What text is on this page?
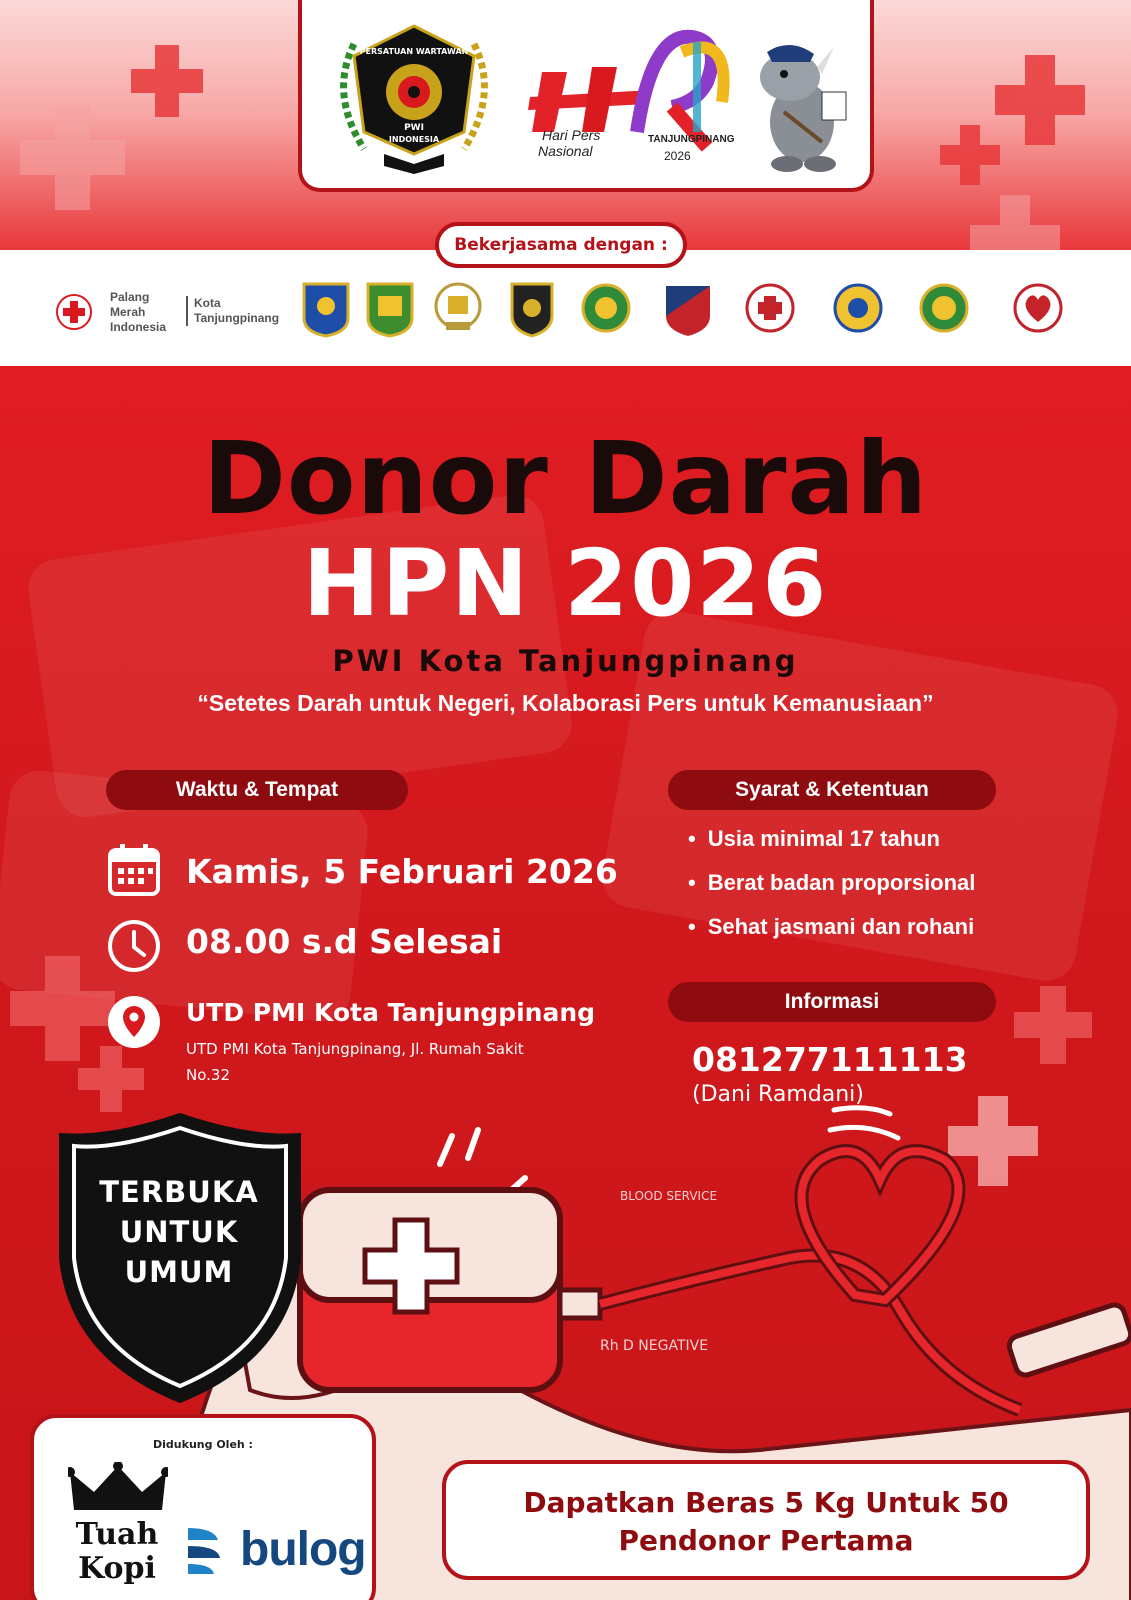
PERSATUAN WARTAWAN
PWI
INDONESIA	Hari Pers
Nasional
TANJUNGPINANG
2026
HPN
Bekerjasama dengan :
Palang
Merah
Indonesia
Kota
Tanjungpinang
Donor Darah
HPN 2026
PWI Kota Tanjungpinang
“Setetes Darah untuk Negeri, Kolaborasi Pers untuk Kemanusiaan”
Waktu & Tempat
Kamis, 5 Februari 2026
08.00 s.d Selesai
UTD PMI Kota Tanjungpinang
UTD PMI Kota Tanjungpinang, Jl. Rumah Sakit No.32
Syarat & Ketentuan
• Usia minimal 17 tahun
• Berat badan proporsional
• Sehat jasmani dan rohani
Informasi
081277111113
(Dani Ramdani)
BLOOD SERVICE
Rh D NEGATIVE
TERBUKA
UNTUK
UMUM
Didukung Oleh :
Tuah
Kopi bulog
Dapatkan Beras 5 Kg Untuk 50
Pendonor Pertama
